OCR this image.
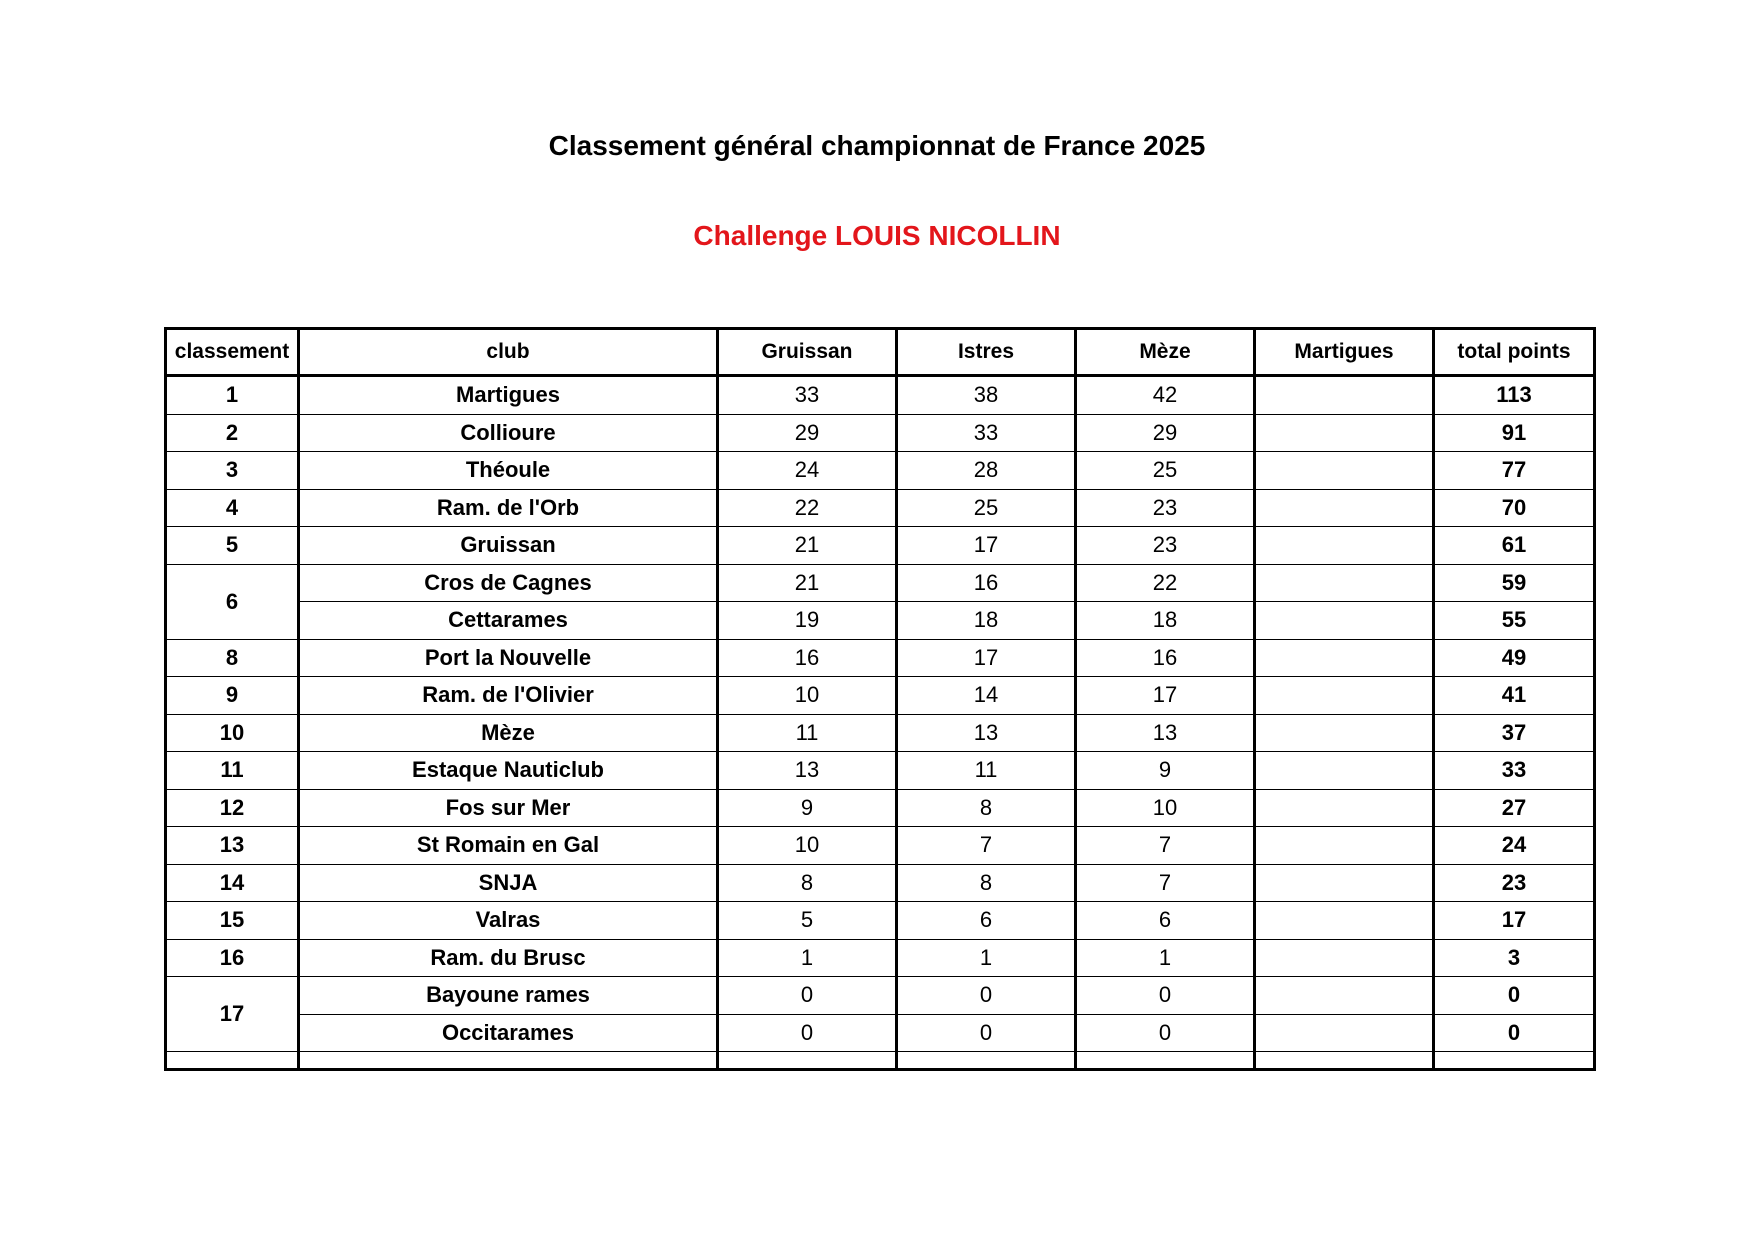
Classement général championnat de France 2025
Challenge LOUIS NICOLLIN
classement	club	Gruissan	Istres	Mèze	Martigues	total points
1	Martigues	33	38	42		113
2	Collioure	29	33	29		91
3	Théoule	24	28	25		77
4	Ram. de l'Orb	22	25	23		70
5	Gruissan	21	17	23		61
6	Cros de Cagnes	21	16	22		59
	Cettarames	19	18	18		55
8	Port la Nouvelle	16	17	16		49
9	Ram. de l'Olivier	10	14	17		41
10	Mèze	11	13	13		37
11	Estaque Nauticlub	13	11	9		33
12	Fos sur Mer	9	8	10		27
13	St Romain en Gal	10	7	7		24
14	SNJA	8	8	7		23
15	Valras	5	6	6		17
16	Ram. du Brusc	1	1	1		3
17	Bayoune rames	0	0	0		0
	Occitarames	0	0	0		0
